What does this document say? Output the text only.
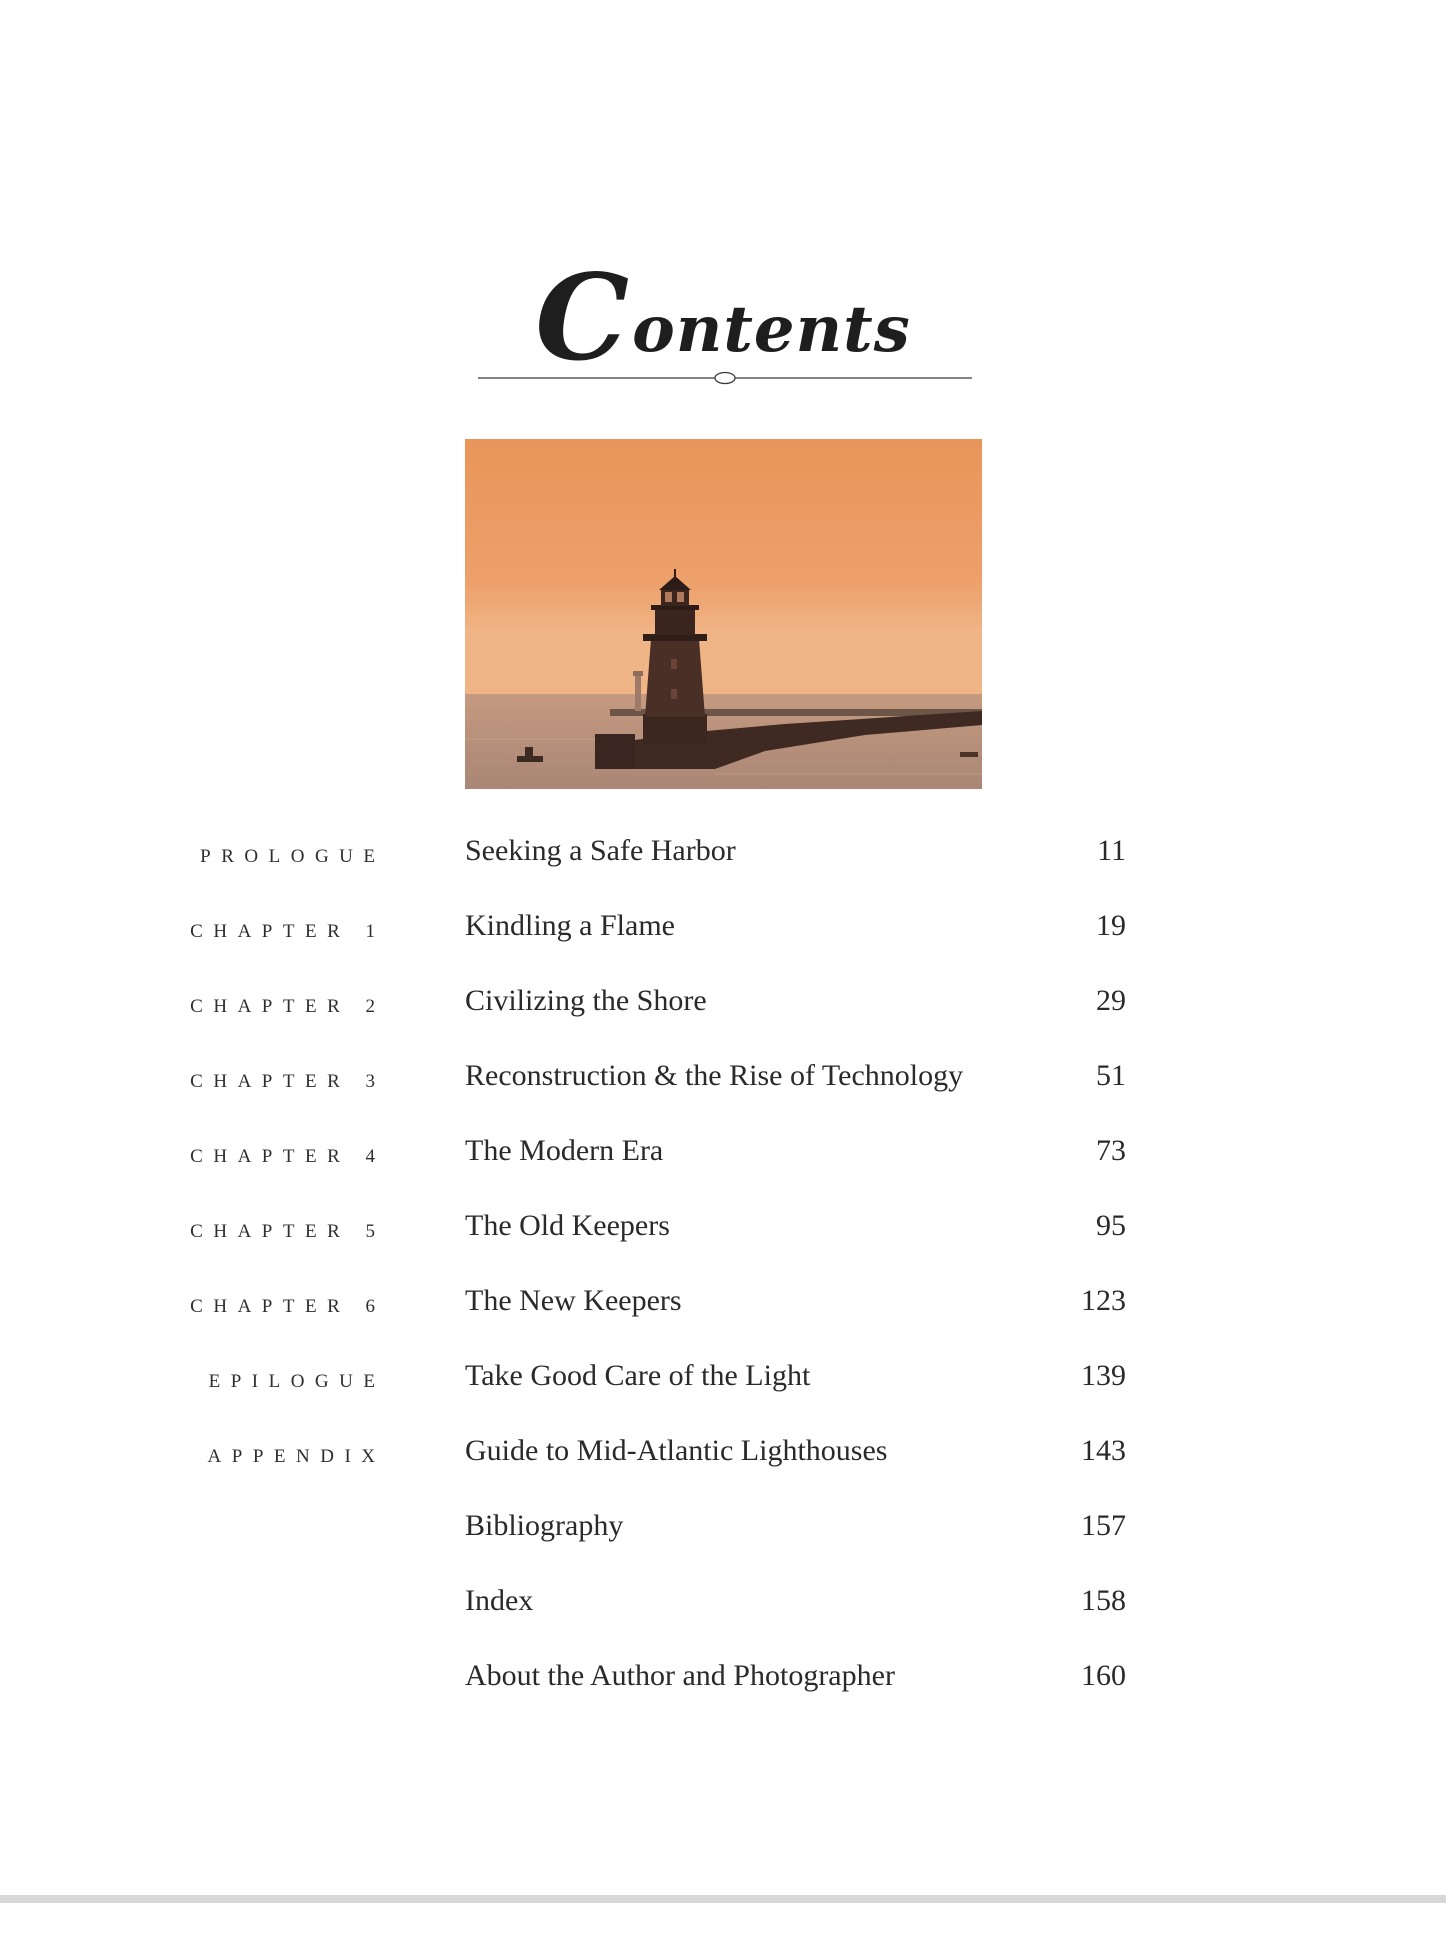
Contents
PROLOGUE	Seeking a Safe Harbor	11
CHAPTER 1	Kindling a Flame	19
CHAPTER 2	Civilizing the Shore	29
CHAPTER 3	Reconstruction & the Rise of Technology	51
CHAPTER 4	The Modern Era	73
CHAPTER 5	The Old Keepers	95
CHAPTER 6	The New Keepers	123
EPILOGUE	Take Good Care of the Light	139
APPENDIX	Guide to Mid-Atlantic Lighthouses	143
Bibliography	157
Index	158
About the Author and Photographer	160
